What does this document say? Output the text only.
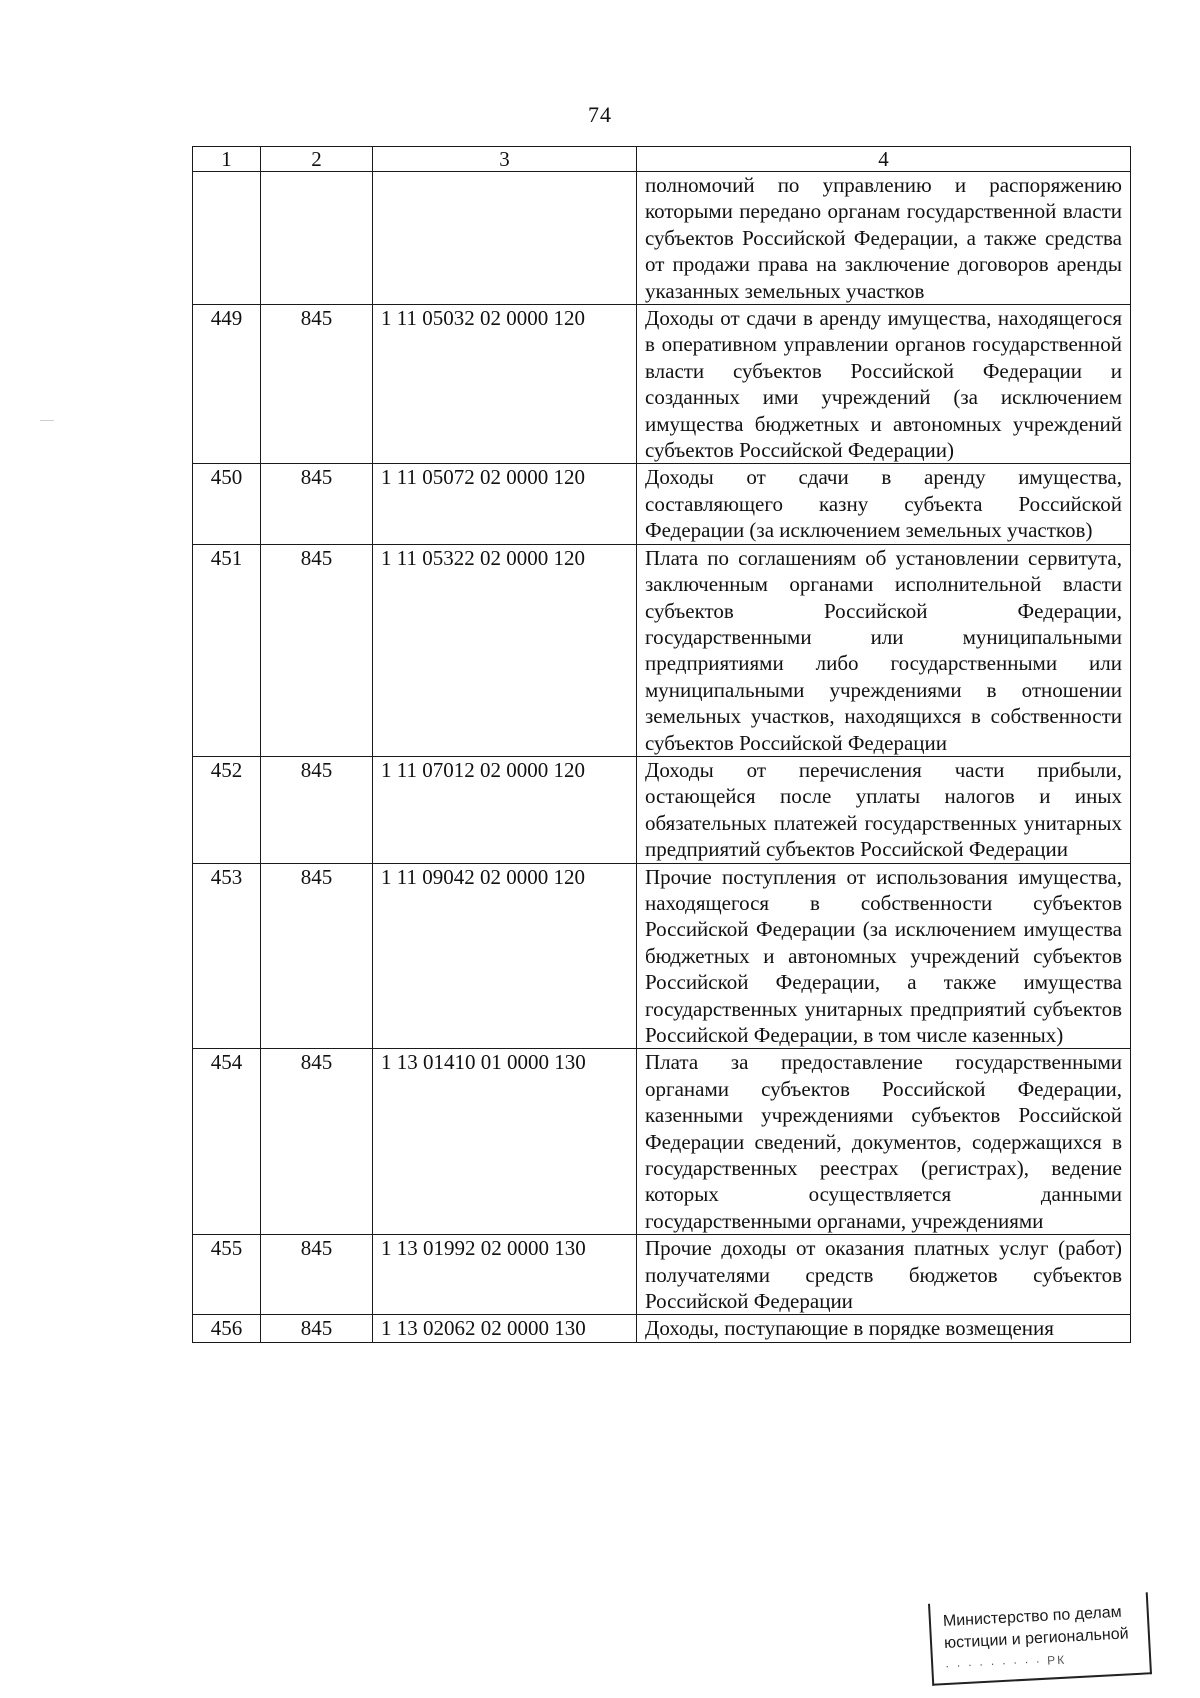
74
1	2	3	4
			полномочий по управлению и распоряжению которыми передано органам государственной власти субъектов Российской Федерации, а также средства от продажи права на заключение договоров аренды указанных земельных участков
449	845	1 11 05032 02 0000 120	Доходы от сдачи в аренду имущества, находящегося в оперативном управлении органов государственной власти субъектов Российской Федерации и созданных ими учреждений (за исключением имущества бюджетных и автономных учреждений субъектов Российской Федерации)
450	845	1 11 05072 02 0000 120	Доходы от сдачи в аренду имущества, составляющего казну субъекта Российской Федерации (за исключением земельных участков)
451	845	1 11 05322 02 0000 120	Плата по соглашениям об установлении сервитута, заключенным органами исполнительной власти субъектов Российской Федерации, государственными или муниципальными предприятиями либо государственными или муниципальными учреждениями в отношении земельных участков, находящихся в собственности субъектов Российской Федерации
452	845	1 11 07012 02 0000 120	Доходы от перечисления части прибыли, остающейся после уплаты налогов и иных обязательных платежей государственных унитарных предприятий субъектов Российской Федерации
453	845	1 11 09042 02 0000 120	Прочие поступления от использования имущества, находящегося в собственности субъектов Российской Федерации (за исключением имущества бюджетных и автономных учреждений субъектов Российской Федерации, а также имущества государственных унитарных предприятий субъектов Российской Федерации, в том числе казенных)
454	845	1 13 01410 01 0000 130	Плата за предоставление государственными органами субъектов Российской Федерации, казенными учреждениями субъектов Российской Федерации сведений, документов, содержащихся в государственных реестрах (регистрах), ведение которых осуществляется данными государственными органами, учреждениями
455	845	1 13 01992 02 0000 130	Прочие доходы от оказания платных услуг (работ) получателями средств бюджетов субъектов Российской Федерации
456	845	1 13 02062 02 0000 130	Доходы, поступающие в порядке возмещения
Министерство по делам
юстиции и региональной
· · · · · · · · · РК
